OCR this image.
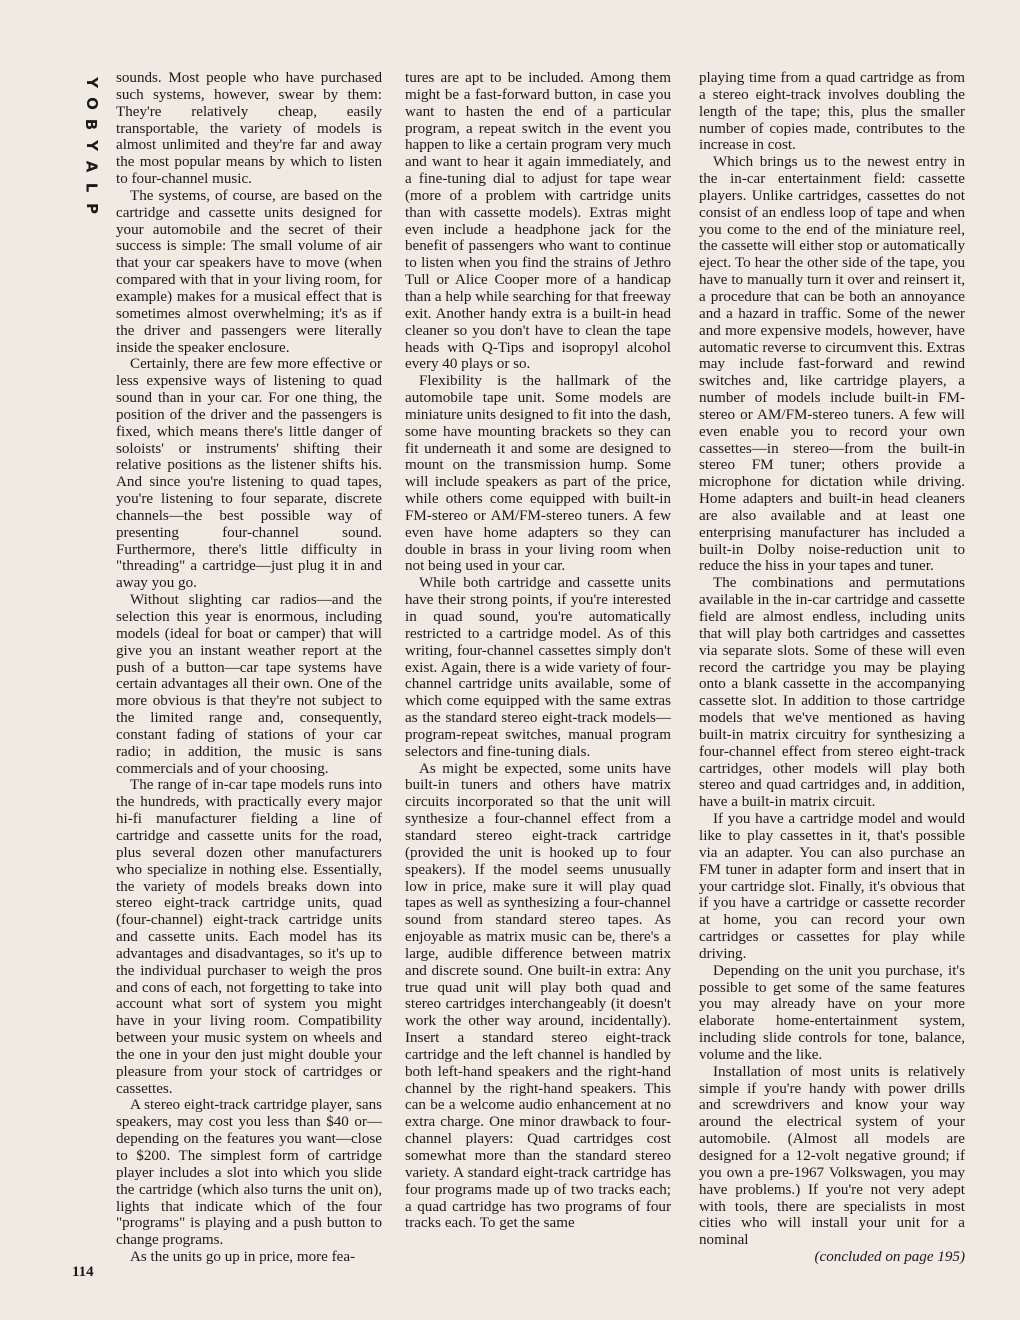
Y
O
B
Y
A
L
P

sounds. Most people who have purchased such systems, however, swear by them: They're relatively cheap, easily transportable, the variety of models is almost unlimited and they're far and away the most popular means by which to listen to four-channel music.

The systems, of course, are based on the cartridge and cassette units designed for your automobile and the secret of their success is simple: The small volume of air that your car speakers have to move (when compared with that in your living room, for example) makes for a musical effect that is sometimes almost overwhelming; it's as if the driver and passengers were literally inside the speaker enclosure.

Certainly, there are few more effective or less expensive ways of listening to quad sound than in your car. For one thing, the position of the driver and the passengers is fixed, which means there's little danger of soloists' or instruments' shifting their relative positions as the listener shifts his. And since you're listening to quad tapes, you're listening to four separate, discrete channels—the best possible way of presenting four-channel sound. Furthermore, there's little difficulty in "threading" a cartridge—just plug it in and away you go.

Without slighting car radios—and the selection this year is enormous, including models (ideal for boat or camper) that will give you an instant weather report at the push of a button—car tape systems have certain advantages all their own. One of the more obvious is that they're not subject to the limited range and, consequently, constant fading of stations of your car radio; in addition, the music is sans commercials and of your choosing.

The range of in-car tape models runs into the hundreds, with practically every major hi-fi manufacturer fielding a line of cartridge and cassette units for the road, plus several dozen other manufacturers who specialize in nothing else. Essentially, the variety of models breaks down into stereo eight-track cartridge units, quad (four-channel) eight-track cartridge units and cassette units. Each model has its advantages and disadvantages, so it's up to the individual purchaser to weigh the pros and cons of each, not forgetting to take into account what sort of system you might have in your living room. Compatibility between your music system on wheels and the one in your den just might double your pleasure from your stock of cartridges or cassettes.

A stereo eight-track cartridge player, sans speakers, may cost you less than $40 or—depending on the features you want—close to $200. The simplest form of cartridge player includes a slot into which you slide the cartridge (which also turns the unit on), lights that indicate which of the four "programs" is playing and a push button to change programs.

As the units go up in price, more fea-

tures are apt to be included. Among them might be a fast-forward button, in case you want to hasten the end of a particular program, a repeat switch in the event you happen to like a certain program very much and want to hear it again immediately, and a fine-tuning dial to adjust for tape wear (more of a problem with cartridge units than with cassette models). Extras might even include a headphone jack for the benefit of passengers who want to continue to listen when you find the strains of Jethro Tull or Alice Cooper more of a handicap than a help while searching for that freeway exit. Another handy extra is a built-in head cleaner so you don't have to clean the tape heads with Q-Tips and isopropyl alcohol every 40 plays or so.

Flexibility is the hallmark of the automobile tape unit. Some models are miniature units designed to fit into the dash, some have mounting brackets so they can fit underneath it and some are designed to mount on the transmission hump. Some will include speakers as part of the price, while others come equipped with built-in FM-stereo or AM/FM-stereo tuners. A few even have home adapters so they can double in brass in your living room when not being used in your car.

While both cartridge and cassette units have their strong points, if you're interested in quad sound, you're automatically restricted to a cartridge model. As of this writing, four-channel cassettes simply don't exist. Again, there is a wide variety of four-channel cartridge units available, some of which come equipped with the same extras as the standard stereo eight-track models—program-repeat switches, manual program selectors and fine-tuning dials.

As might be expected, some units have built-in tuners and others have matrix circuits incorporated so that the unit will synthesize a four-channel effect from a standard stereo eight-track cartridge (provided the unit is hooked up to four speakers). If the model seems unusually low in price, make sure it will play quad tapes as well as synthesizing a four-channel sound from standard stereo tapes. As enjoyable as matrix music can be, there's a large, audible difference between matrix and discrete sound. One built-in extra: Any true quad unit will play both quad and stereo cartridges interchangeably (it doesn't work the other way around, incidentally). Insert a standard stereo eight-track cartridge and the left channel is handled by both left-hand speakers and the right-hand channel by the right-hand speakers. This can be a welcome audio enhancement at no extra charge. One minor drawback to four-channel players: Quad cartridges cost somewhat more than the standard stereo variety. A standard eight-track cartridge has four programs made up of two tracks each; a quad cartridge has two programs of four tracks each. To get the same

playing time from a quad cartridge as from a stereo eight-track involves doubling the length of the tape; this, plus the smaller number of copies made, contributes to the increase in cost.

Which brings us to the newest entry in the in-car entertainment field: cassette players. Unlike cartridges, cassettes do not consist of an endless loop of tape and when you come to the end of the miniature reel, the cassette will either stop or automatically eject. To hear the other side of the tape, you have to manually turn it over and reinsert it, a procedure that can be both an annoyance and a hazard in traffic. Some of the newer and more expensive models, however, have automatic reverse to circumvent this. Extras may include fast-forward and rewind switches and, like cartridge players, a number of models include built-in FM-stereo or AM/FM-stereo tuners. A few will even enable you to record your own cassettes—in stereo—from the built-in stereo FM tuner; others provide a microphone for dictation while driving. Home adapters and built-in head cleaners are also available and at least one enterprising manufacturer has included a built-in Dolby noise-reduction unit to reduce the hiss in your tapes and tuner.

The combinations and permutations available in the in-car cartridge and cassette field are almost endless, including units that will play both cartridges and cassettes via separate slots. Some of these will even record the cartridge you may be playing onto a blank cassette in the accompanying cassette slot. In addition to those cartridge models that we've mentioned as having built-in matrix circuitry for synthesizing a four-channel effect from stereo eight-track cartridges, other models will play both stereo and quad cartridges and, in addition, have a built-in matrix circuit.

If you have a cartridge model and would like to play cassettes in it, that's possible via an adapter. You can also purchase an FM tuner in adapter form and insert that in your cartridge slot. Finally, it's obvious that if you have a cartridge or cassette recorder at home, you can record your own cartridges or cassettes for play while driving.

Depending on the unit you purchase, it's possible to get some of the same features you may already have on your more elaborate home-entertainment system, including slide controls for tone, balance, volume and the like.

Installation of most units is relatively simple if you're handy with power drills and screwdrivers and know your way around the electrical system of your automobile. (Almost all models are designed for a 12-volt negative ground; if you own a pre-1967 Volkswagen, you may have problems.) If you're not very adept with tools, there are specialists in most cities who will install your unit for a nominal

(concluded on page 195)
114
